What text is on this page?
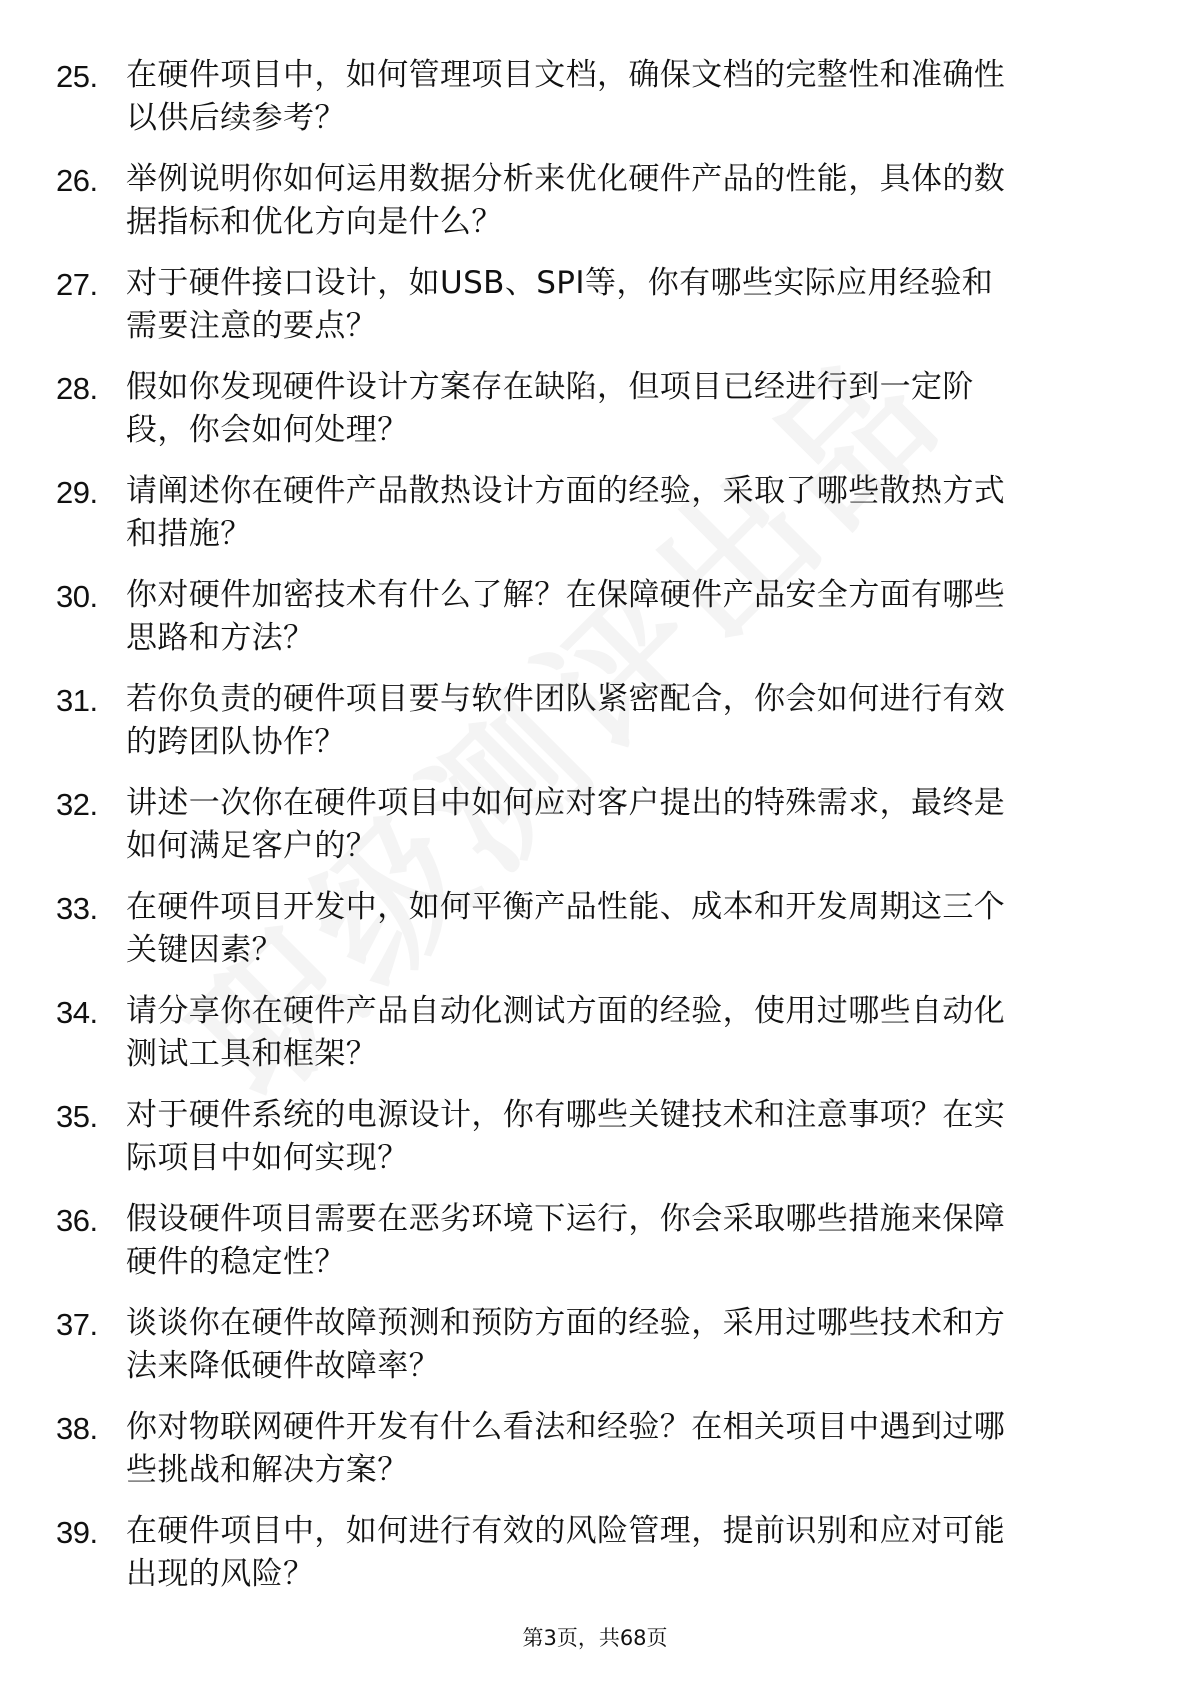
25. 在硬件项目中，如何管理项目文档，确保文档的完整性和准确性
以供后续参考？
26. 举例说明你如何运用数据分析来优化硬件产品的性能，具体的数
据指标和优化方向是什么？
27. 对于硬件接口设计，如USB、SPI等，你有哪些实际应用经验和
需要注意的要点？
28. 假如你发现硬件设计方案存在缺陷，但项目已经进行到一定阶
段，你会如何处理？
29. 请阐述你在硬件产品散热设计方面的经验，采取了哪些散热方式
和措施？
30. 你对硬件加密技术有什么了解？在保障硬件产品安全方面有哪些
思路和方法？
31. 若你负责的硬件项目要与软件团队紧密配合，你会如何进行有效
的跨团队协作？
32. 讲述一次你在硬件项目中如何应对客户提出的特殊需求，最终是
如何满足客户的？
33. 在硬件项目开发中，如何平衡产品性能、成本和开发周期这三个
关键因素？
34. 请分享你在硬件产品自动化测试方面的经验，使用过哪些自动化
测试工具和框架？
35. 对于硬件系统的电源设计，你有哪些关键技术和注意事项？在实
际项目中如何实现？
36. 假设硬件项目需要在恶劣环境下运行，你会采取哪些措施来保障
硬件的稳定性？
37. 谈谈你在硬件故障预测和预防方面的经验，采用过哪些技术和方
法来降低硬件故障率？
38. 你对物联网硬件开发有什么看法和经验？在相关项目中遇到过哪
些挑战和解决方案？
39. 在硬件项目中，如何进行有效的风险管理，提前识别和应对可能
出现的风险？
第3页，共68页
